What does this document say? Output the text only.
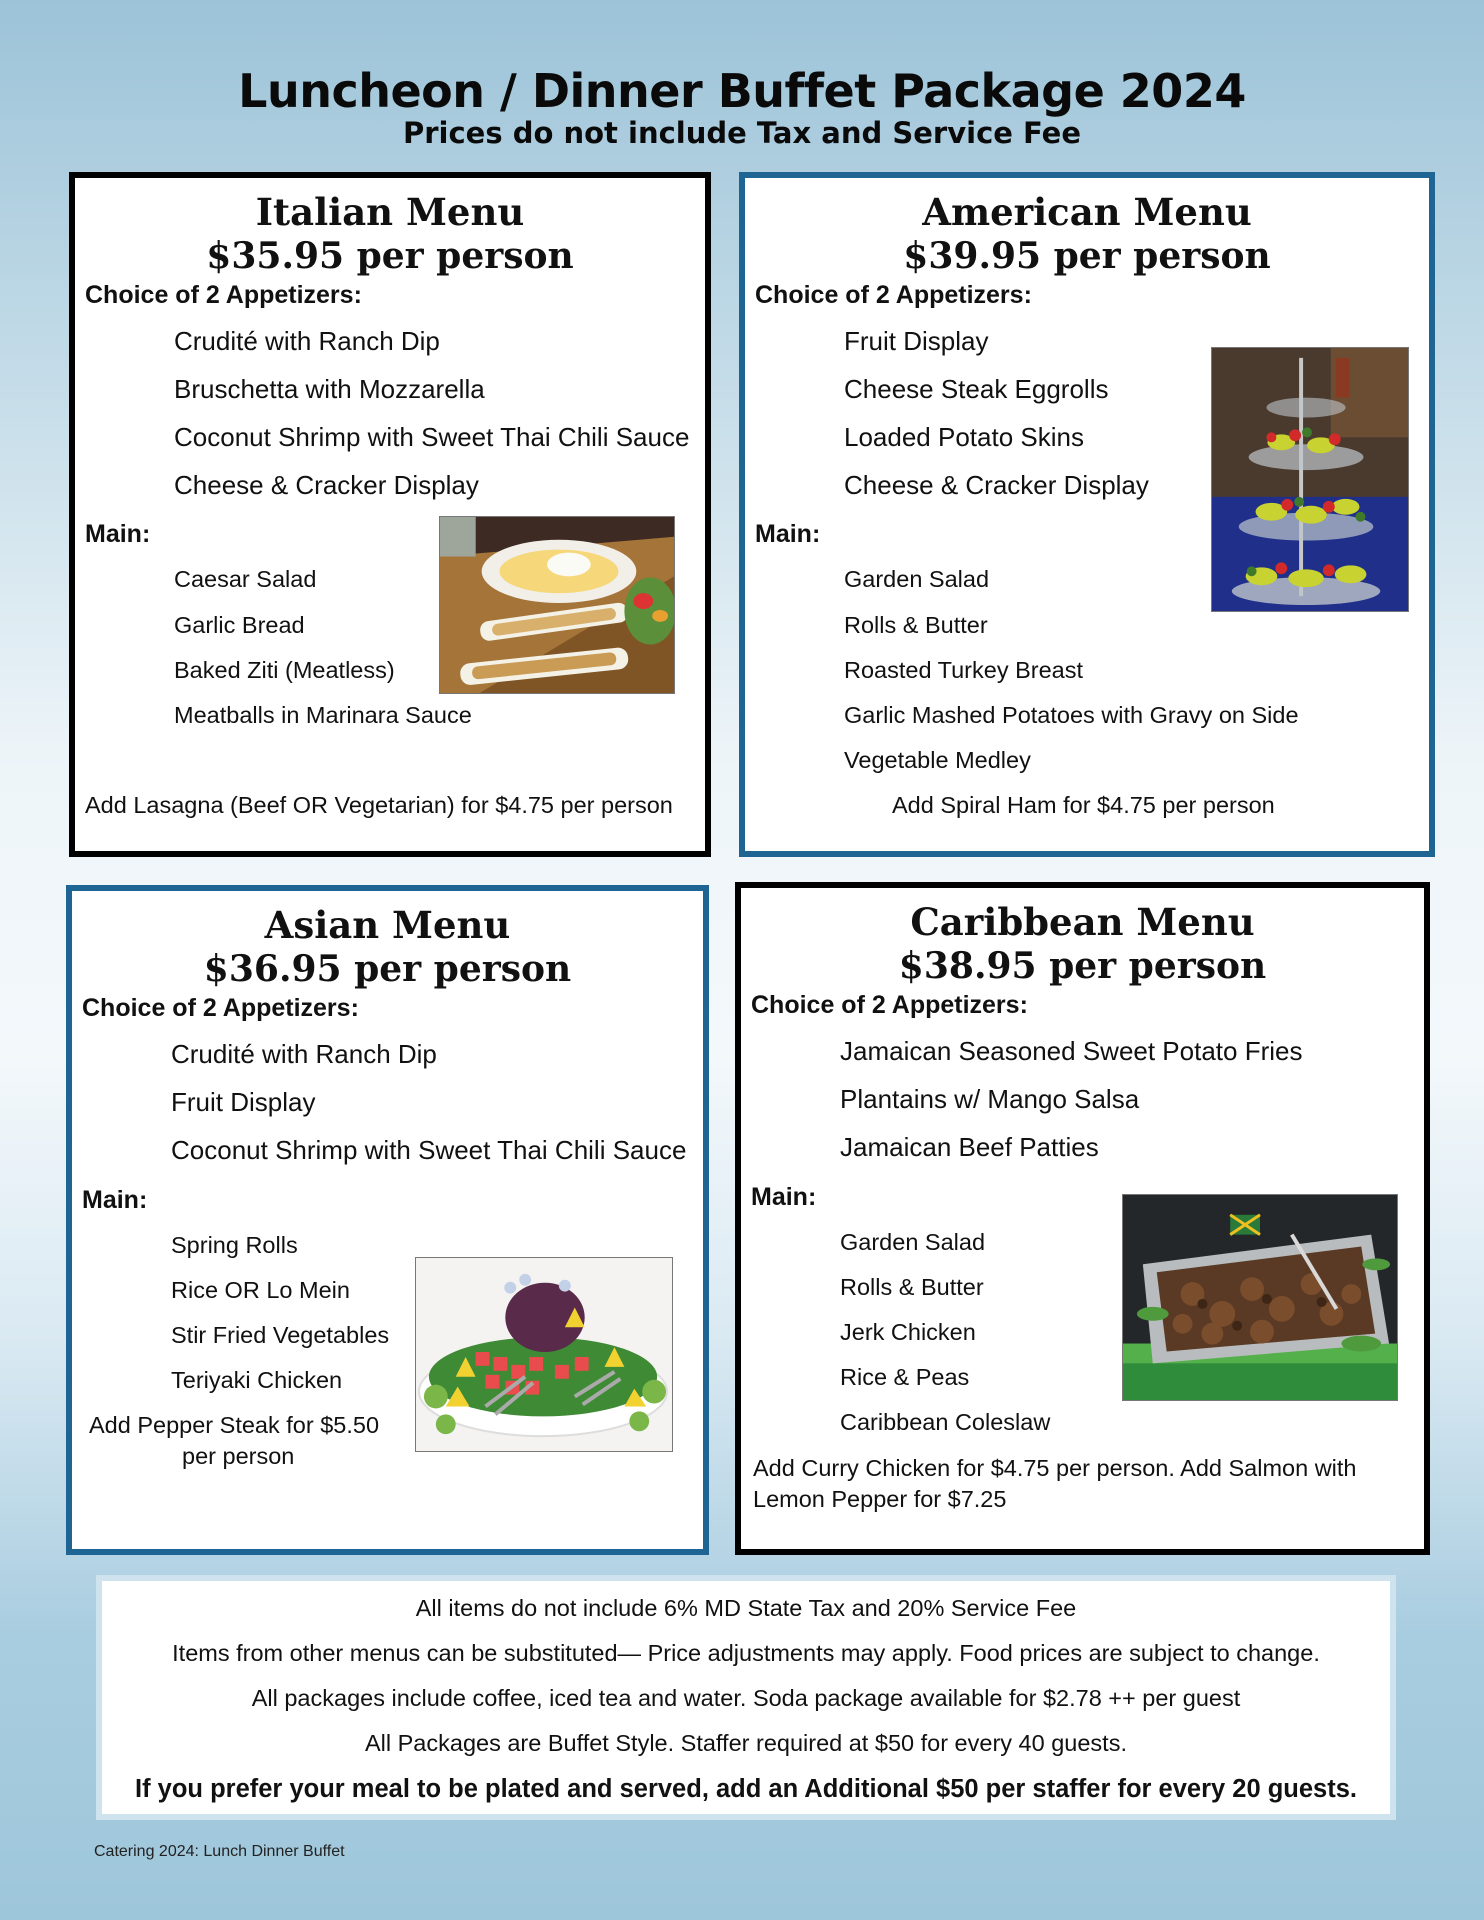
Luncheon / Dinner Buffet Package 2024
Prices do not include Tax and Service Fee
Italian Menu
$35.95 per person
Choice of 2 Appetizers:
Crudité with Ranch Dip
Bruschetta with Mozzarella
Coconut Shrimp with Sweet Thai Chili Sauce
Cheese & Cracker Display
Main:
Caesar Salad
Garlic Bread
Baked Ziti (Meatless)
Meatballs in Marinara Sauce
Add Lasagna (Beef OR Vegetarian) for $4.75 per person
American Menu
$39.95 per person
Choice of 2 Appetizers:
Fruit Display
Cheese Steak Eggrolls
Loaded Potato Skins
Cheese & Cracker Display
Main:
Garden Salad
Rolls & Butter
Roasted Turkey Breast
Garlic Mashed Potatoes with Gravy on Side
Vegetable Medley
Add Spiral Ham for $4.75 per person
Asian Menu
$36.95 per person
Choice of 2 Appetizers:
Crudité with Ranch Dip
Fruit Display
Coconut Shrimp with Sweet Thai Chili Sauce
Main:
Spring Rolls
Rice OR Lo Mein
Stir Fried Vegetables
Teriyaki Chicken
Add Pepper Steak for $5.50
per person
Caribbean Menu
$38.95 per person
Choice of 2 Appetizers:
Jamaican Seasoned Sweet Potato Fries
Plantains w/ Mango Salsa
Jamaican Beef Patties
Main:
Garden Salad
Rolls & Butter
Jerk Chicken
Rice & Peas
Caribbean Coleslaw
Add Curry Chicken for $4.75 per person. Add Salmon with
Lemon Pepper for $7.25
All items do not include 6% MD State Tax and 20% Service Fee
Items from other menus can be substituted— Price adjustments may apply. Food prices are subject to change.
All packages include coffee, iced tea and water. Soda package available for $2.78 ++ per guest
All Packages are Buffet Style. Staffer required at $50 for every 40 guests.
If you prefer your meal to be plated and served, add an Additional $50 per staffer for every 20 guests.
Catering 2024: Lunch Dinner Buffet
